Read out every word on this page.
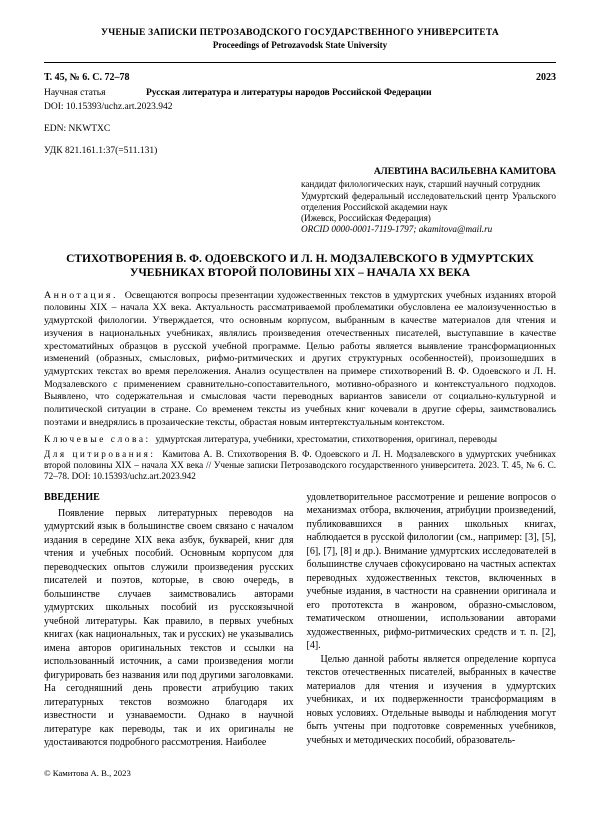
УЧЕНЫЕ ЗАПИСКИ ПЕТРОЗАВОДСКОГО ГОСУДАРСТВЕННОГО УНИВЕРСИТЕТА

Proceedings of Petrozavodsk State University

Т. 45, № 6. С. 72–78	2023
Научная статья	Русская литература и литературы народов Российской Федерации

DOI: 10.15393/uchz.art.2023.942

EDN: NKWTXC

УДК 821.161.1:37(=511.131)

АЛЕВТИНА ВАСИЛЬЕВНА КАМИТОВА

кандидат филологических наук, старший научный сотрудник

Удмуртский федеральный исследовательский центр Уральского отделения Российской академии наук

(Ижевск, Российская Федерация)

ORCID 0000-0001-7119-1797; akamitova@mail.ru

СТИХОТВОРЕНИЯ В. Ф. ОДОЕВСКОГО И Л. Н. МОДЗАЛЕВСКОГО В УДМУРТСКИХ УЧЕБНИКАХ ВТОРОЙ ПОЛОВИНЫ XIX – НАЧАЛА XX ВЕКА

Аннотация. Освещаются вопросы презентации художественных текстов в удмуртских учебных изданиях второй половины XIX – начала XX века. Актуальность рассматриваемой проблематики обусловлена ее малоизученностью в удмуртской филологии. Утверждается, что основным корпусом, выбранным в качестве материалов для чтения и изучения в национальных учебниках, являлись произведения отечественных писателей, выступавшие в качестве хрестоматийных образцов в русской учебной программе. Целью работы является выявление трансформационных изменений (образных, смысловых, рифмо-ритмических и других структурных особенностей), произошедших в удмуртских текстах во время переложения. Анализ осуществлен на примере стихотворений В. Ф. Одоевского и Л. Н. Модзалевского с применением сравнительно-сопоставительного, мотивно-образного и контекстуального подходов. Выявлено, что содержательная и смысловая части переводных вариантов зависели от социально-культурной и политической ситуации в стране. Со временем тексты из учебных книг кочевали в другие сферы, заимствовались поэтами и внедрялись в прозаические тексты, обрастая новым интертекстуальным контекстом.

Ключевые слова: удмуртская литература, учебники, хрестоматии, стихотворения, оригинал, переводы

Для цитирования: Камитова А. В. Стихотворения В. Ф. Одоевского и Л. Н. Модзалевского в удмуртских учебниках второй половины XIX – начала XX века // Ученые записки Петрозаводского государственного университета. 2023. Т. 45, № 6. С. 72–78. DOI: 10.15393/uchz.art.2023.942

ВВЕДЕНИЕ

Появление первых литературных переводов на удмуртский язык в большинстве своем связано с началом издания в середине XIX века азбук, букварей, книг для чтения и учебных пособий. Основным корпусом для переводческих опытов служили произведения русских писателей и поэтов, которые, в свою очередь, в большинстве случаев заимствовались авторами удмуртских школьных пособий из русскоязычной учебной литературы. Как правило, в первых учебных книгах (как национальных, так и русских) не указывались имена авторов оригинальных текстов и ссылки на использованный источник, а сами произведения могли фигурировать без названия или под другими заголовками. На сегодняшний день провести атрибуцию таких литературных текстов возможно благодаря их известности и узнаваемости. Однако в научной литературе как переводы, так и их оригиналы не удостаиваются подробного рассмотрения. Наиболее

удовлетворительное рассмотрение и решение вопросов о механизмах отбора, включения, атрибуции произведений, публиковавшихся в ранних школьных книгах, наблюдается в русской филологии (см., например: [3], [5], [6], [7], [8] и др.). Внимание удмуртских исследователей в большинстве случаев сфокусировано на частных аспектах переводных художественных текстов, включенных в учебные издания, в частности на сравнении оригинала и его прототекста в жанровом, образно-смысловом, тематическом отношении, использовании авторами художественных, рифмо-ритмических средств и т. п. [2], [4].

Целью данной работы является определение корпуса текстов отечественных писателей, выбранных в качестве материалов для чтения и изучения в удмуртских учебниках, и их подверженности трансформациям в новых условиях. Отдельные выводы и наблюдения могут быть учтены при подготовке современных учебников, учебных и методических пособий, образователь-

© Камитова А. В., 2023
